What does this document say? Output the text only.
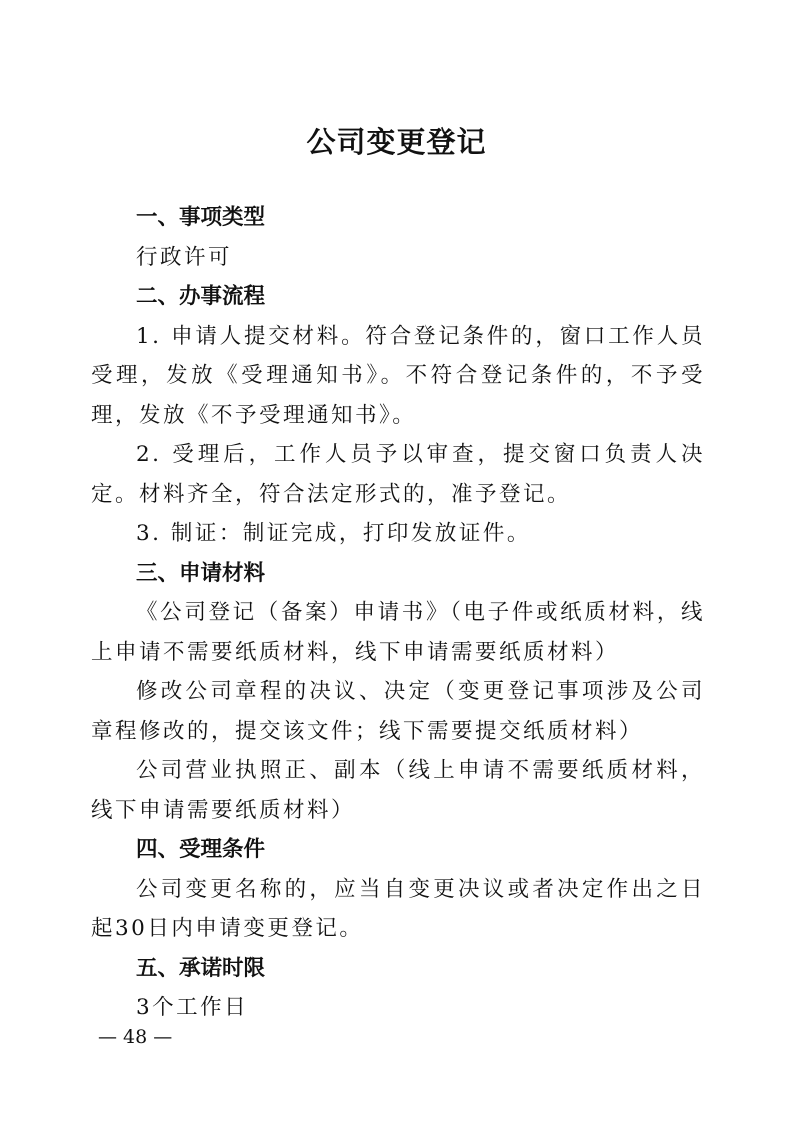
公司变更登记

一、事项类型

行政许可

二、办事流程

1. 申请人提交材料。符合登记条件的，窗口工作人员受理，发放《受理通知书》。不符合登记条件的，不予受理，发放《不予受理通知书》。

2. 受理后，工作人员予以审查，提交窗口负责人决定。材料齐全，符合法定形式的，准予登记。

3. 制证：制证完成，打印发放证件。

三、申请材料

《公司登记（备案）申请书》（电子件或纸质材料，线上申请不需要纸质材料，线下申请需要纸质材料）

修改公司章程的决议、决定（变更登记事项涉及公司章程修改的，提交该文件；线下需要提交纸质材料）

公司营业执照正、副本（线上申请不需要纸质材料，线下申请需要纸质材料）

四、受理条件

公司变更名称的，应当自变更决议或者决定作出之日起30日内申请变更登记。

五、承诺时限

3个工作日

— 48 —
